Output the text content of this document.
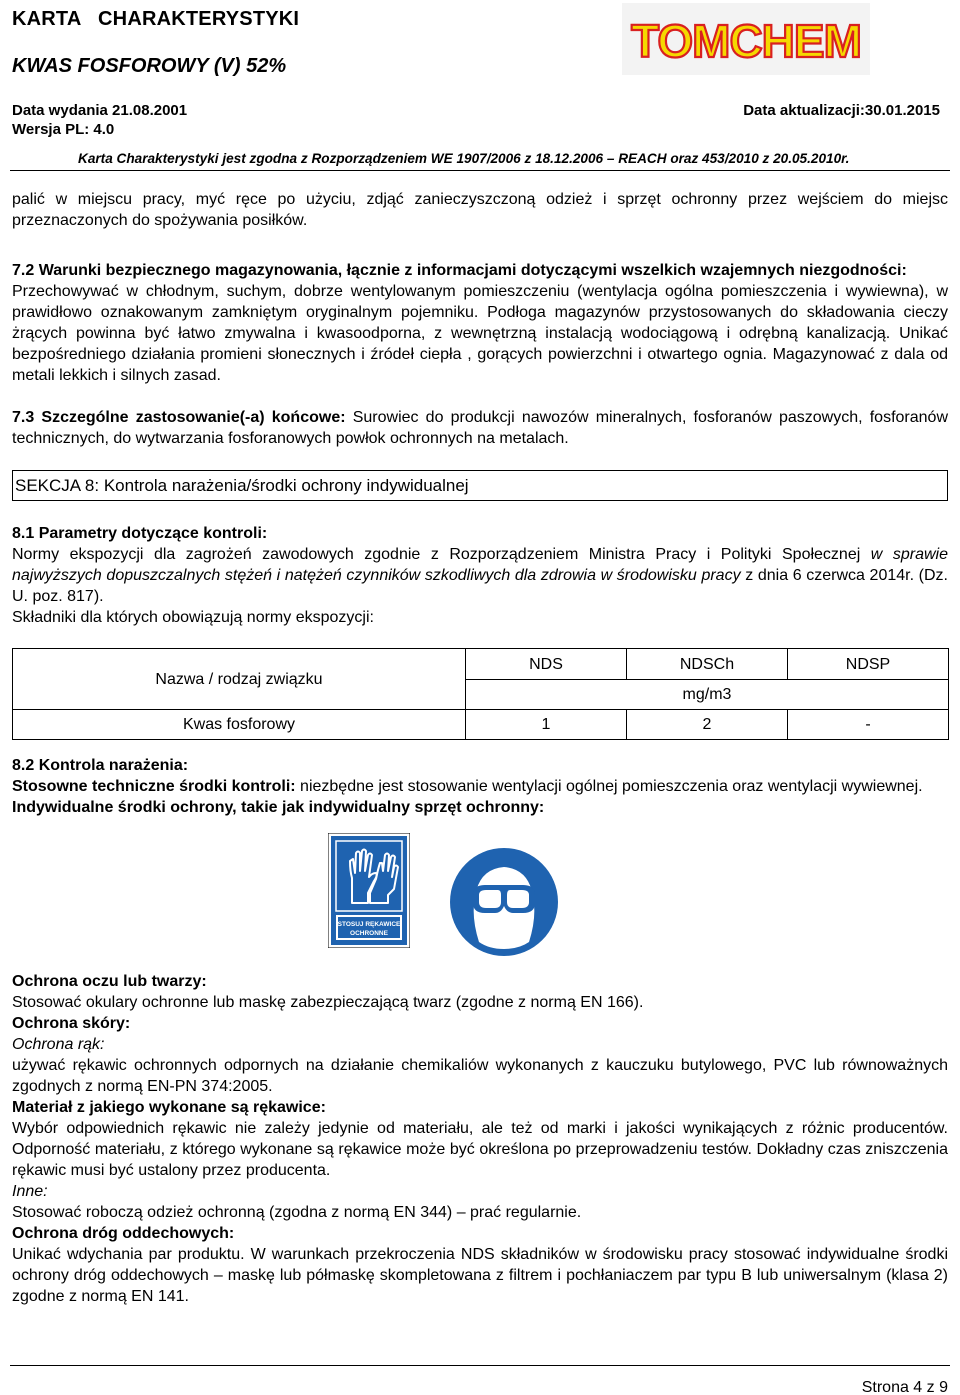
KARTA   CHARAKTERYSTYKI
KWAS FOSFOROWY (V) 52%	TOMCHEM
Data wydania 21.08.2001	Data aktualizacji:30.01.2015
Wersja PL: 4.0
Karta Charakterystyki jest zgodna z Rozporządzeniem WE 1907/2006 z 18.12.2006 – REACH oraz 453/2010 z 20.05.2010r.

palić w miejscu pracy, myć ręce po użyciu, zdjąć zanieczyszczoną odzież i sprzęt ochronny przez wejściem do miejsc przeznaczonych do spożywania posiłków.

7.2 Warunki bezpiecznego magazynowania, łącznie z informacjami dotyczącymi wszelkich wzajemnych niezgodności:

Przechowywać w chłodnym, suchym, dobrze wentylowanym pomieszczeniu (wentylacja ogólna pomieszczenia i wywiewna), w prawidłowo oznakowanym zamkniętym oryginalnym pojemniku. Podłoga magazynów przystosowanych do składowania cieczy żrących powinna być łatwo zmywalna i kwasoodporna, z wewnętrzną instalacją wodociągową i odrębną kanalizacją. Unikać bezpośredniego działania promieni słonecznych i źródeł ciepła , gorących powierzchni i otwartego ognia. Magazynować z dala od metali lekkich i silnych zasad.

7.3 Szczególne zastosowanie(-a) końcowe: Surowiec do produkcji nawozów mineralnych, fosforanów paszowych, fosforanów technicznych, do wytwarzania fosforanowych powłok ochronnych na metalach.

SEKCJA 8: Kontrola narażenia/środki ochrony indywidualnej

8.1 Parametry dotyczące kontroli:

Normy ekspozycji dla zagrożeń zawodowych zgodnie z Rozporządzeniem Ministra Pracy i Polityki Społecznej w sprawie najwyższych dopuszczalnych stężeń i natężeń czynników szkodliwych dla zdrowia w środowisku pracy z dnia 6 czerwca 2014r. (Dz. U. poz. 817).

Składniki dla których obowiązują normy ekspozycji:

Nazwa / rodzaj związku	NDS	NDSCh	NDSP
	mg/m3		
Kwas fosforowy	1	2	-

8.2 Kontrola narażenia:

Stosowne techniczne środki kontroli: niezbędne jest stosowanie wentylacji ogólnej pomieszczenia oraz wentylacji wywiewnej.

Indywidualne środki ochrony, takie jak indywidualny sprzęt ochronny:

STOSUJ RĘKAWICE
OCHRONNE

Ochrona oczu lub twarzy:

Stosować okulary ochronne lub maskę zabezpieczającą twarz (zgodne z normą EN 166).

Ochrona skóry:

Ochrona rąk:

używać rękawic ochronnych odpornych na działanie chemikaliów wykonanych z kauczuku butylowego, PVC lub równoważnych zgodnych z normą EN-PN 374:2005.

Materiał z jakiego wykonane są rękawice:

Wybór odpowiednich rękawic nie zależy jedynie od materiału, ale też od marki i jakości wynikających z różnic producentów. Odporność materiału, z którego wykonane są rękawice może być określona po przeprowadzeniu testów. Dokładny czas zniszczenia rękawic musi być ustalony przez producenta.

Inne:

Stosować roboczą odzież ochronną (zgodna z normą EN 344) – prać regularnie.

Ochrona dróg oddechowych:

Unikać wdychania par produktu. W warunkach przekroczenia NDS składników w środowisku pracy stosować indywidualne środki ochrony dróg oddechowych – maskę lub półmaskę skompletowana z filtrem i pochłaniaczem par typu B lub uniwersalnym (klasa 2) zgodne z normą EN 141.

Strona 4 z 9
